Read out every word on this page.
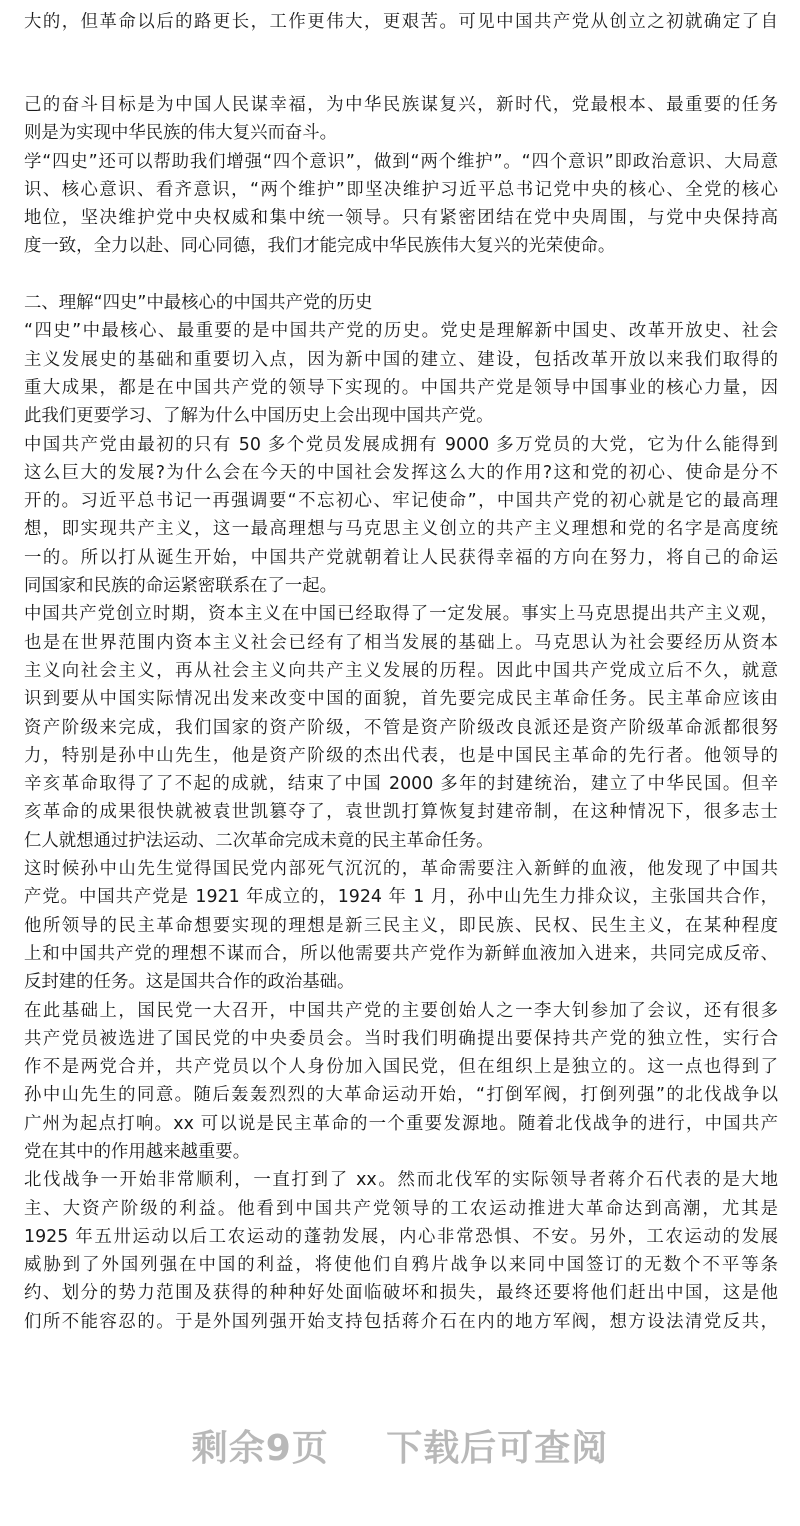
大的，但革命以后的路更长，工作更伟大，更艰苦。可见中国共产党从创立之初就确定了自
己的奋斗目标是为中国人民谋幸福，为中华民族谋复兴，新时代，党最根本、最重要的任务
则是为实现中华民族的伟大复兴而奋斗。
学“四史”还可以帮助我们增强“四个意识”，做到“两个维护”。“四个意识”即政治意识、大局意
识、核心意识、看齐意识，“两个维护”即坚决维护习近平总书记党中央的核心、全党的核心
地位，坚决维护党中央权威和集中统一领导。只有紧密团结在党中央周围，与党中央保持高
度一致，全力以赴、同心同德，我们才能完成中华民族伟大复兴的光荣使命。
二、理解“四史”中最核心的中国共产党的历史
“四史”中最核心、最重要的是中国共产党的历史。党史是理解新中国史、改革开放史、社会
主义发展史的基础和重要切入点，因为新中国的建立、建设，包括改革开放以来我们取得的
重大成果，都是在中国共产党的领导下实现的。中国共产党是领导中国事业的核心力量，因
此我们更要学习、了解为什么中国历史上会出现中国共产党。
中国共产党由最初的只有 50 多个党员发展成拥有 9000 多万党员的大党，它为什么能得到
这么巨大的发展?为什么会在今天的中国社会发挥这么大的作用?这和党的初心、使命是分不
开的。习近平总书记一再强调要“不忘初心、牢记使命”，中国共产党的初心就是它的最高理
想，即实现共产主义，这一最高理想与马克思主义创立的共产主义理想和党的名字是高度统
一的。所以打从诞生开始，中国共产党就朝着让人民获得幸福的方向在努力，将自己的命运
同国家和民族的命运紧密联系在了一起。
中国共产党创立时期，资本主义在中国已经取得了一定发展。事实上马克思提出共产主义观，
也是在世界范围内资本主义社会已经有了相当发展的基础上。马克思认为社会要经历从资本
主义向社会主义，再从社会主义向共产主义发展的历程。因此中国共产党成立后不久，就意
识到要从中国实际情况出发来改变中国的面貌，首先要完成民主革命任务。民主革命应该由
资产阶级来完成，我们国家的资产阶级，不管是资产阶级改良派还是资产阶级革命派都很努
力，特别是孙中山先生，他是资产阶级的杰出代表，也是中国民主革命的先行者。他领导的
辛亥革命取得了了不起的成就，结束了中国 2000 多年的封建统治，建立了中华民国。但辛
亥革命的成果很快就被袁世凯篡夺了，袁世凯打算恢复封建帝制，在这种情况下，很多志士
仁人就想通过护法运动、二次革命完成未竟的民主革命任务。
这时候孙中山先生觉得国民党内部死气沉沉的，革命需要注入新鲜的血液，他发现了中国共
产党。中国共产党是 1921 年成立的，1924 年 1 月，孙中山先生力排众议，主张国共合作，
他所领导的民主革命想要实现的理想是新三民主义，即民族、民权、民生主义，在某种程度
上和中国共产党的理想不谋而合，所以他需要共产党作为新鲜血液加入进来，共同完成反帝、
反封建的任务。这是国共合作的政治基础。
在此基础上，国民党一大召开，中国共产党的主要创始人之一李大钊参加了会议，还有很多
共产党员被选进了国民党的中央委员会。当时我们明确提出要保持共产党的独立性，实行合
作不是两党合并，共产党员以个人身份加入国民党，但在组织上是独立的。这一点也得到了
孙中山先生的同意。随后轰轰烈烈的大革命运动开始，“打倒军阀，打倒列强”的北伐战争以
广州为起点打响。xx 可以说是民主革命的一个重要发源地。随着北伐战争的进行，中国共产
党在其中的作用越来越重要。
北伐战争一开始非常顺利，一直打到了 xx。然而北伐军的实际领导者蒋介石代表的是大地
主、大资产阶级的利益。他看到中国共产党领导的工农运动推进大革命达到高潮，尤其是
1925 年五卅运动以后工农运动的蓬勃发展，内心非常恐惧、不安。另外，工农运动的发展
威胁到了外国列强在中国的利益，将使他们自鸦片战争以来同中国签订的无数个不平等条
约、划分的势力范围及获得的种种好处面临破坏和损失，最终还要将他们赶出中国，这是他
们所不能容忍的。于是外国列强开始支持包括蒋介石在内的地方军阀，想方设法清党反共，
剩余9页 下载后可查阅
